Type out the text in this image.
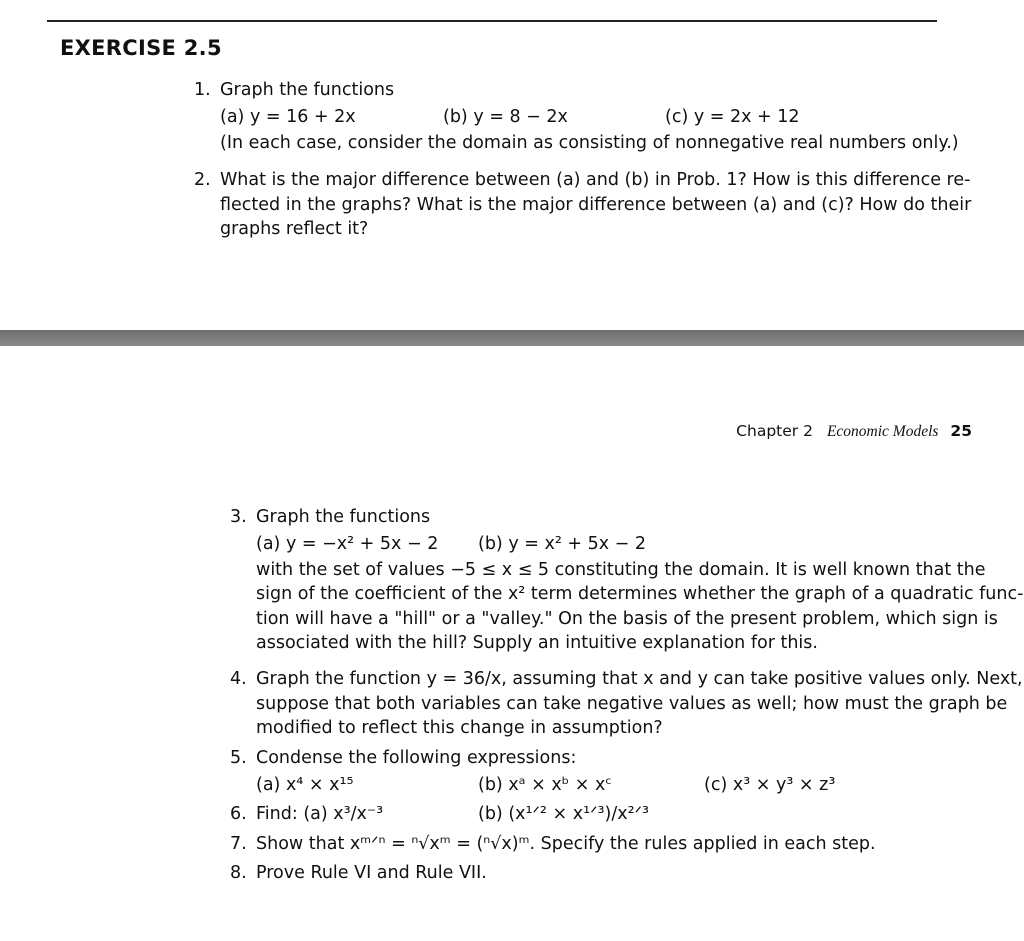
EXERCISE 2.5
1. Graph the functions
(a) y = 16 + 2x	(b) y = 8 − 2x	(c) y = 2x + 12
(In each case, consider the domain as consisting of nonnegative real numbers only.)
2. What is the major difference between (a) and (b) in Prob. 1? How is this difference re-
flected in the graphs? What is the major difference between (a) and (c)? How do their
graphs reflect it?
Chapter 2 Economic Models 25
3. Graph the functions
(a) y = −x² + 5x − 2 (b) y = x² + 5x − 2
with the set of values −5 ≤ x ≤ 5 constituting the domain. It is well known that the
sign of the coefficient of the x² term determines whether the graph of a quadratic func-
tion will have a "hill" or a "valley." On the basis of the present problem, which sign is
associated with the hill? Supply an intuitive explanation for this.
4. Graph the function y = 36/x, assuming that x and y can take positive values only. Next,
suppose that both variables can take negative values as well; how must the graph be
modified to reflect this change in assumption?
5. Condense the following expressions:
(a) x⁴ × x¹⁵	(b) xᵃ × xᵇ × xᶜ	(c) x³ × y³ × z³
6. Find: (a) x³/x⁻³	(b) (x¹ᐟ² × x¹ᐟ³)/x²ᐟ³
7. Show that xᵐᐟⁿ = ⁿ√xᵐ = (ⁿ√x)ᵐ. Specify the rules applied in each step.
8. Prove Rule VI and Rule VII.
